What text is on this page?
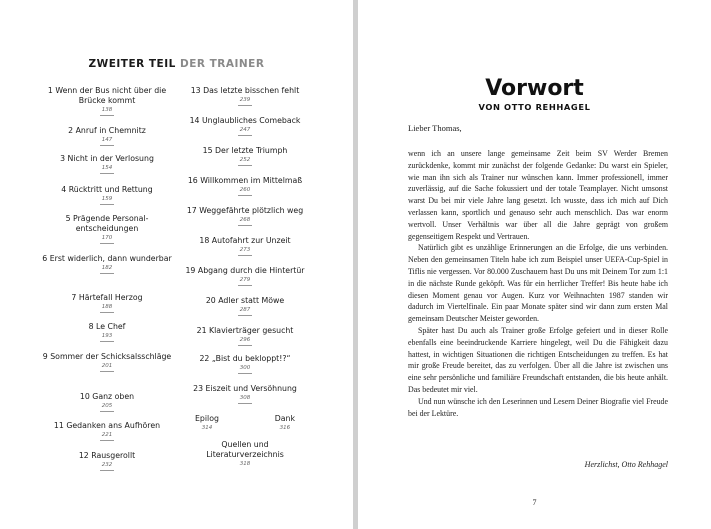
ZWEITER TEIL DER TRAINER
1 Wenn der Bus nicht über die Brücke kommt
138
2 Anruf in Chemnitz
147
3 Nicht in der Verlosung
154
4 Rücktritt und Rettung
159
5 Prägende Personal-entscheidungen
170
6 Erst widerlich, dann wunderbar
182
7 Härtefall Herzog
188
8 Le Chef
193
9 Sommer der Schicksalsschläge
201
10 Ganz oben
205
11 Gedanken ans Aufhören
221
12 Rausgerollt
232
13 Das letzte bisschen fehlt
239
14 Unglaubliches Comeback
247
15 Der letzte Triumph
252
16 Willkommen im Mittelmaß
260
17 Weggefährte plötzlich weg
268
18 Autofahrt zur Unzeit
273
19 Abgang durch die Hintertür
279
20 Adler statt Möwe
287
21 Klavierträger gesucht
296
22 „Bist du bekloppt!?“
300
23 Eiszeit und Versöhnung
308
Epilog
314
Dank
316
Quellen und Literaturverzeichnis
318
Vorwort
VON OTTO REHHAGEL
Lieber Thomas,

wenn ich an unsere lange gemeinsame Zeit beim SV Werder Bremen zurückdenke, kommt mir zunächst der folgende Gedanke: Du warst ein Spieler, wie man ihn sich als Trainer nur wünschen kann. Immer professionell, immer zuverlässig, auf die Sache fokussiert und der totale Teamplayer. Nicht umsonst warst Du bei mir viele Jahre lang gesetzt. Ich wusste, dass ich mich auf Dich verlassen kann, sportlich und genauso sehr auch menschlich. Das war enorm wertvoll. Unser Verhältnis war über all die Jahre geprägt von großem gegenseitigem Respekt und Vertrauen.

Natürlich gibt es unzählige Erinnerungen an die Erfolge, die uns verbinden. Neben den gemeinsamen Titeln habe ich zum Beispiel unser UEFA-Cup-Spiel in Tiflis nie vergessen. Vor 80.000 Zuschauern hast Du uns mit Deinem Tor zum 1:1 in die nächste Runde geköpft. Was für ein herrlicher Treffer! Bis heute habe ich diesen Moment genau vor Augen. Kurz vor Weihnachten 1987 standen wir dadurch im Viertelfinale. Ein paar Monate später sind wir dann zum ersten Mal gemeinsam Deutscher Meister geworden.

Später hast Du auch als Trainer große Erfolge gefeiert und in dieser Rolle ebenfalls eine beeindruckende Karriere hingelegt, weil Du die Fähigkeit dazu hattest, in wichtigen Situationen die richtigen Entscheidungen zu treffen. Es hat mir große Freude bereitet, das zu verfolgen. Über all die Jahre ist zwischen uns eine sehr persönliche und familiäre Freundschaft entstanden, die bis heute anhält. Das bedeutet mir viel.

Und nun wünsche ich den Leserinnen und Lesern Deiner Biografie viel Freude bei der Lektüre.

Herzlichst, Otto Rehhagel
7
